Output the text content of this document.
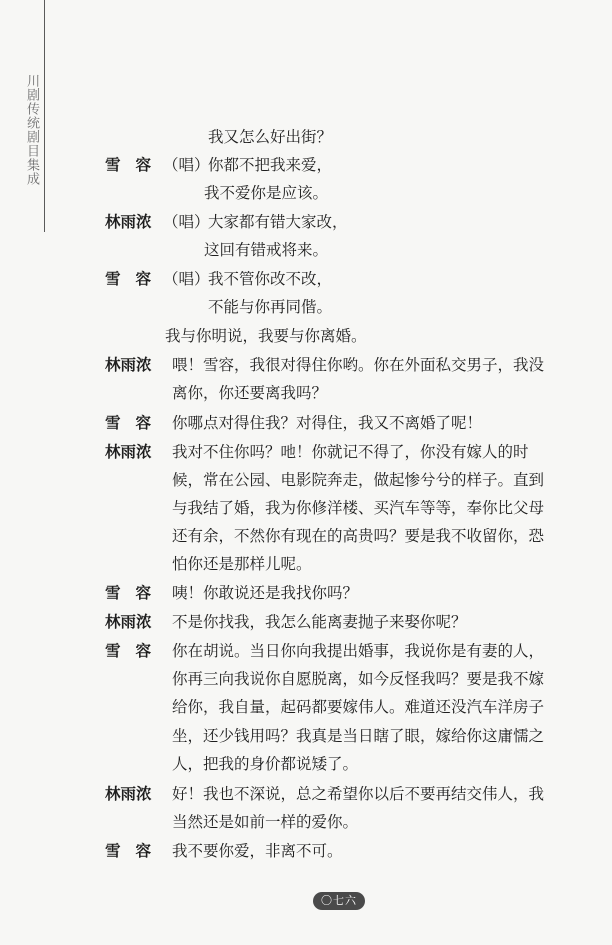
川剧传统剧目集成	我又怎么好出街？
雪容
（唱）
你都不把我来爱，
我不爱你是应该。
林雨浓 （唱）
大家都有错大家改，
这回有错戒将来。
雪容
（唱）
我不管你改不改，
不能与你再同偕。
我与你明说，我要与你离婚。
林雨浓 喂！雪容，我很对得住你哟。你在外面私交男子，我没
离你，你还要离我吗？
雪容 你哪点对得住我？对得住，我又不离婚了呢！
林雨浓 我对不住你吗？吔！你就记不得了，你没有嫁人的时
候，常在公园、电影院奔走，做起惨兮兮的样子。直到
与我结了婚，我为你修洋楼、买汽车等等，奉你比父母
还有余，不然你有现在的高贵吗？要是我不收留你，恐
怕你还是那样儿呢。
雪容 咦！你敢说还是我找你吗？
林雨浓 不是你找我，我怎么能离妻抛子来娶你呢？
雪容 你在胡说。当日你向我提出婚事，我说你是有妻的人，
你再三向我说你自愿脱离，如今反怪我吗？要是我不嫁
给你，我自量，起码都要嫁伟人。难道还没汽车洋房子
坐，还少钱用吗？我真是当日瞎了眼，嫁给你这庸懦之
人，把我的身价都说矮了。
林雨浓 好！我也不深说，总之希望你以后不要再结交伟人，我
当然还是如前一样的爱你。
雪容 我不要你爱，非离不可。
〇七六
